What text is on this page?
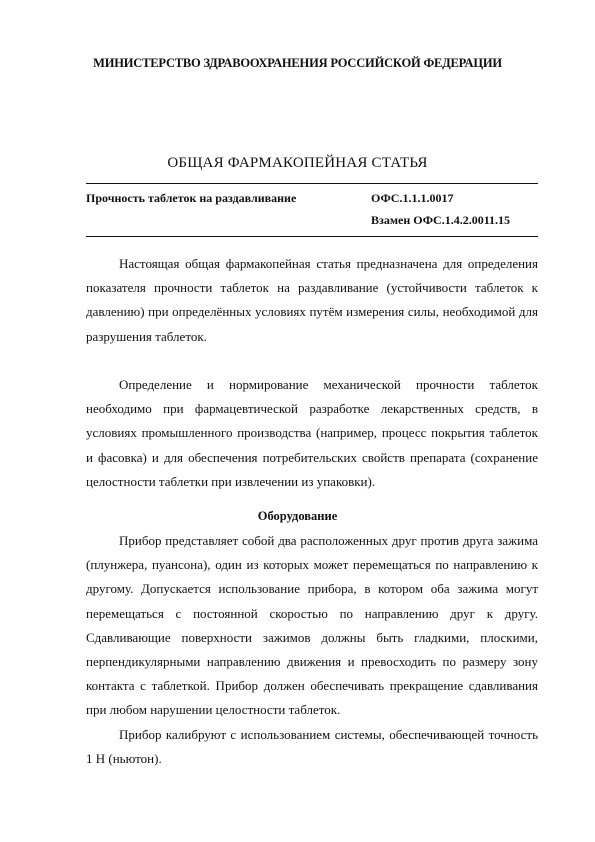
МИНИСТЕРСТВО ЗДРАВООХРАНЕНИЯ РОССИЙСКОЙ ФЕДЕРАЦИИ
ОБЩАЯ ФАРМАКОПЕЙНАЯ СТАТЬЯ
Прочность таблеток на раздавливание	ОФС.1.1.1.0017
Взамен ОФС.1.4.2.0011.15

Настоящая общая фармакопейная статья предназначена для определения показателя прочности таблеток на раздавливание (устойчивости таблеток к давлению) при определённых условиях путём измерения силы, необходимой для разрушения таблеток.

Определение и нормирование механической прочности таблеток необходимо при фармацевтической разработке лекарственных средств, в условиях промышленного производства (например, процесс покрытия таблеток и фасовка) и для обеспечения потребительских свойств препарата (сохранение целостности таблетки при извлечении из упаковки).

Оборудование

Прибор представляет собой два расположенных друг против друга зажима (плунжера, пуансона), один из которых может перемещаться по направлению к другому. Допускается использование прибора, в котором оба зажима могут перемещаться с постоянной скоростью по направлению друг к другу. Сдавливающие поверхности зажимов должны быть гладкими, плоскими, перпендикулярными направлению движения и превосходить по размеру зону контакта с таблеткой. Прибор должен обеспечивать прекращение сдавливания при любом нарушении целостности таблеток.

Прибор калибруют с использованием системы, обеспечивающей точность 1 Н (ньютон).
